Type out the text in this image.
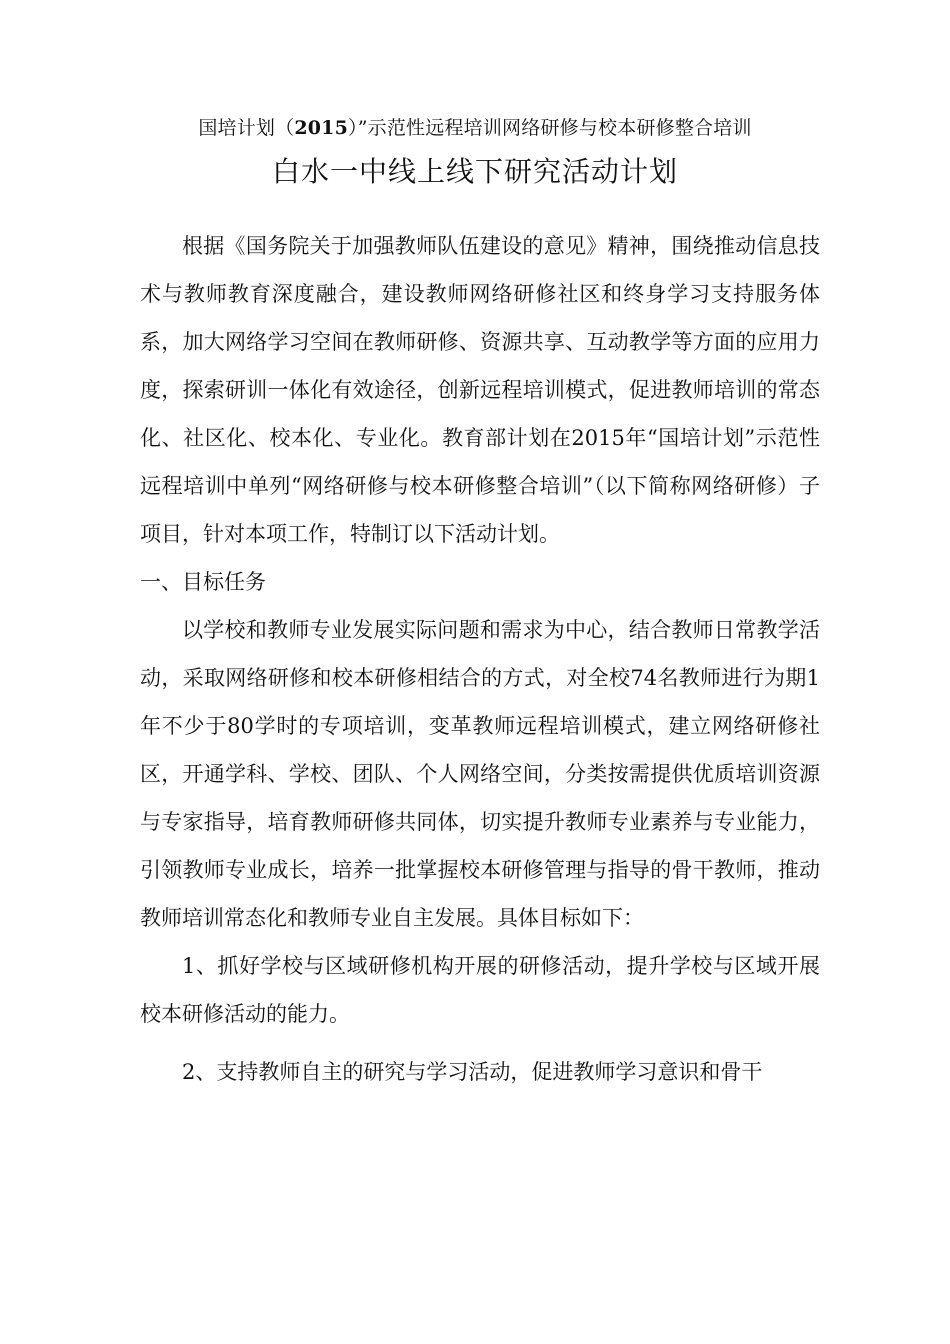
国培计划（2015）”示范性远程培训网络研修与校本研修整合培训
白水一中线上线下研究活动计划

根据《国务院关于加强教师队伍建设的意见》精神，围绕推动信息技术与教师教育深度融合，建设教师网络研修社区和终身学习支持服务体系，加大网络学习空间在教师研修、资源共享、互动教学等方面的应用力度，探索研训一体化有效途径，创新远程培训模式，促进教师培训的常态化、社区化、校本化、专业化。教育部计划在2015年“国培计划”示范性远程培训中单列“网络研修与校本研修整合培训”（以下简称网络研修）子项目，针对本项工作，特制订以下活动计划。

一、目标任务

以学校和教师专业发展实际问题和需求为中心，结合教师日常教学活动，采取网络研修和校本研修相结合的方式，对全校74名教师进行为期1年不少于80学时的专项培训，变革教师远程培训模式，建立网络研修社区，开通学科、学校、团队、个人网络空间，分类按需提供优质培训资源与专家指导，培育教师研修共同体，切实提升教师专业素养与专业能力，引领教师专业成长，培养一批掌握校本研修管理与指导的骨干教师，推动教师培训常态化和教师专业自主发展。具体目标如下：

1、抓好学校与区域研修机构开展的研修活动，提升学校与区域开展校本研修活动的能力。

2、支持教师自主的研究与学习活动，促进教师学习意识和骨干
